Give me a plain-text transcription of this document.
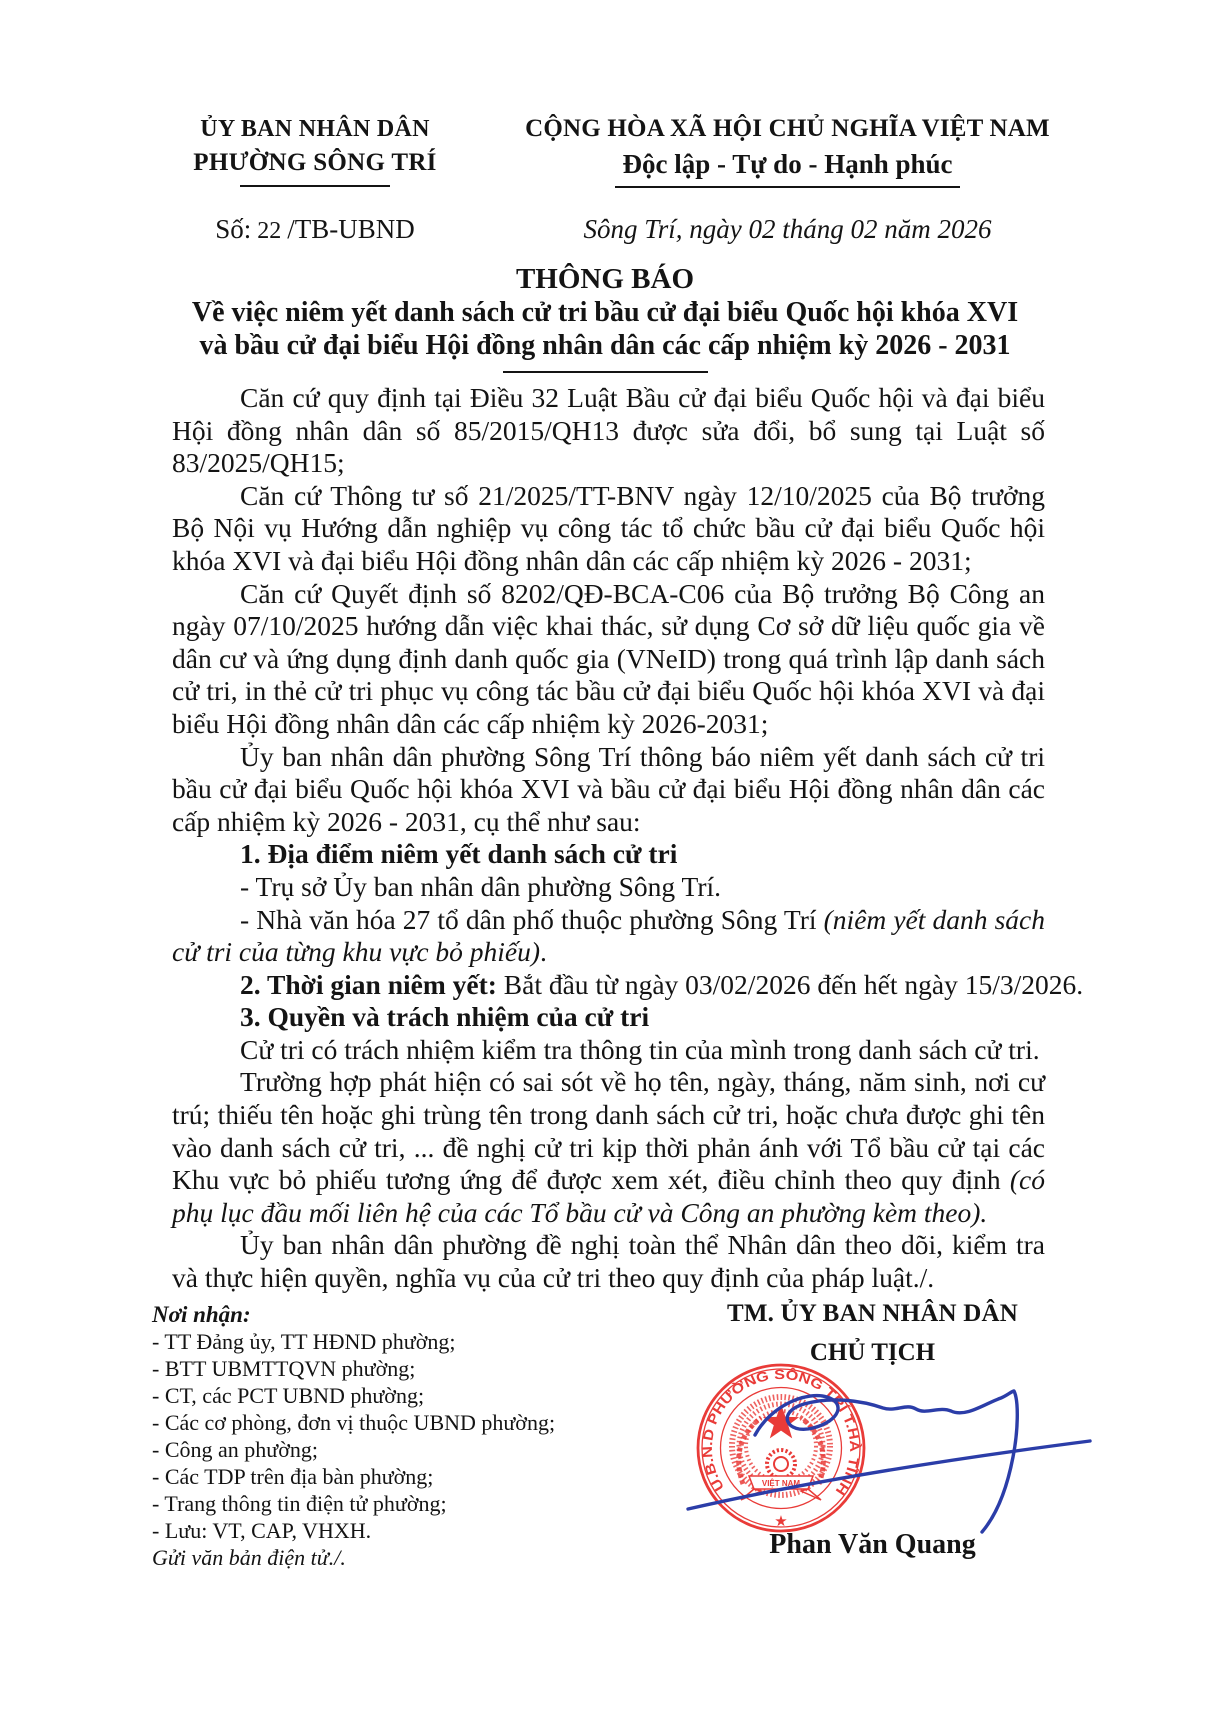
ỦY BAN NHÂN DÂN
PHƯỜNG SÔNG TRÍ
CỘNG HÒA XÃ HỘI CHỦ NGHĨA VIỆT NAM
Độc lập - Tự do - Hạnh phúc
Số: 22 /TB-UBND	Sông Trí, ngày 02 tháng 02 năm 2026
THÔNG BÁO
Về việc niêm yết danh sách cử tri bầu cử đại biểu Quốc hội khóa XVI
và bầu cử đại biểu Hội đồng nhân dân các cấp nhiệm kỳ 2026 - 2031

Căn cứ quy định tại Điều 32 Luật Bầu cử đại biểu Quốc hội và đại biểu Hội đồng nhân dân số 85/2015/QH13 được sửa đổi, bổ sung tại Luật số 83/2025/QH15;

Căn cứ Thông tư số 21/2025/TT-BNV ngày 12/10/2025 của Bộ trưởng Bộ Nội vụ Hướng dẫn nghiệp vụ công tác tổ chức bầu cử đại biểu Quốc hội khóa XVI và đại biểu Hội đồng nhân dân các cấp nhiệm kỳ 2026 - 2031;

Căn cứ Quyết định số 8202/QĐ-BCA-C06 của Bộ trưởng Bộ Công an ngày 07/10/2025 hướng dẫn việc khai thác, sử dụng Cơ sở dữ liệu quốc gia về dân cư và ứng dụng định danh quốc gia (VNeID) trong quá trình lập danh sách cử tri, in thẻ cử tri phục vụ công tác bầu cử đại biểu Quốc hội khóa XVI và đại biểu Hội đồng nhân dân các cấp nhiệm kỳ 2026-2031;

Ủy ban nhân dân phường Sông Trí thông báo niêm yết danh sách cử tri bầu cử đại biểu Quốc hội khóa XVI và bầu cử đại biểu Hội đồng nhân dân các cấp nhiệm kỳ 2026 - 2031, cụ thể như sau:

1. Địa điểm niêm yết danh sách cử tri

- Trụ sở Ủy ban nhân dân phường Sông Trí.

- Nhà văn hóa 27 tổ dân phố thuộc phường Sông Trí (niêm yết danh sách cử tri của từng khu vực bỏ phiếu).

2. Thời gian niêm yết: Bắt đầu từ ngày 03/02/2026 đến hết ngày 15/3/2026.

3. Quyền và trách nhiệm của cử tri

Cử tri có trách nhiệm kiểm tra thông tin của mình trong danh sách cử tri.

Trường hợp phát hiện có sai sót về họ tên, ngày, tháng, năm sinh, nơi cư trú; thiếu tên hoặc ghi trùng tên trong danh sách cử tri, hoặc chưa được ghi tên vào danh sách cử tri, ... đề nghị cử tri kịp thời phản ánh với Tổ bầu cử tại các Khu vực bỏ phiếu tương ứng để được xem xét, điều chỉnh theo quy định (có phụ lục đầu mối liên hệ của các Tổ bầu cử và Công an phường kèm theo).

Ủy ban nhân dân phường đề nghị toàn thể Nhân dân theo dõi, kiểm tra và thực hiện quyền, nghĩa vụ của cử tri theo quy định của pháp luật./.

Nơi nhận:
- TT Đảng ủy, TT HĐND phường;
- BTT UBMTTQVN phường;
- CT, các PCT UBND phường;
- Các cơ phòng, đơn vị thuộc UBND phường;
- Công an phường;
- Các TDP trên địa bàn phường;
- Trang thông tin điện tử phường;
- Lưu: VT, CAP, VHXH.
Gửi văn bản điện tử./.
TM. ỦY BAN NHÂN DÂN
CHỦ TỊCH
VIỆT NAM
U.B.N.D PHƯỜNG SÔNG TRÍ T.HÀ TĨNH
★
Phan Văn Quang
